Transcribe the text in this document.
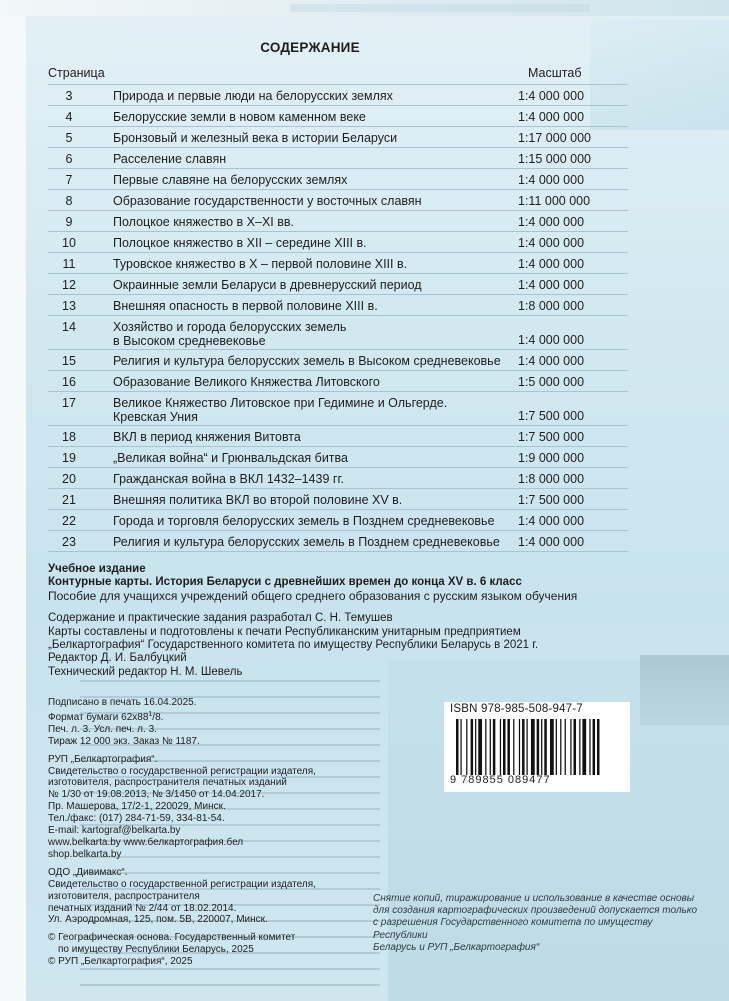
СОДЕРЖАНИЕ
Страница	Масштаб
3	Природа и первые люди на белорусских землях	1:4 000 000
4	Белорусские земли в новом каменном веке	1:4 000 000
5	Бронзовый и железный века в истории Беларуси	1:17 000 000
6	Расселение славян	1:15 000 000
7	Первые славяне на белорусских землях	1:4 000 000
8	Образование государственности у восточных славян	1:11 000 000
9	Полоцкое княжество в X–XI вв.	1:4 000 000
10	Полоцкое княжество в XII – середине XIII в.	1:4 000 000
11	Туровское княжество в X – первой половине XIII в.	1:4 000 000
12	Окраинные земли Беларуси в древнерусский период	1:4 000 000
13	Внешняя опасность в первой половине XIII в.	1:8 000 000
14	Хозяйство и города белорусских земель
в Высоком средневековье	1:4 000 000
15	Религия и культура белорусских земель в Высоком средневековье	1:4 000 000
16	Образование Великого Княжества Литовского	1:5 000 000
17	Великое Княжество Литовское при Гедимине и Ольгерде.
Кревская Уния	1:7 500 000
18	ВКЛ в период княжения Витовта	1:7 500 000
19	„Великая война“ и Грюнвальдская битва	1:9 000 000
20	Гражданская война в ВКЛ 1432–1439 гг.	1:8 000 000
21	Внешняя политика ВКЛ во второй половине XV в.	1:7 500 000
22	Города и торговля белорусских земель в Позднем средневековье	1:4 000 000
23	Религия и культура белорусских земель в Позднем средневековье	1:4 000 000
Учебное издание
Контурные карты. История Беларуси с древнейших времен до конца XV в. 6 класс
Пособие для учащихся учреждений общего среднего образования с русским языком обучения
Содержание и практические задания разработал С. Н. Темушев
Карты составлены и подготовлены к печати Республиканским унитарным предприятием
„Белкартография“ Государственного комитета по имуществу Республики Беларусь в 2021 г.
Редактор Д. И. Балбуцкий
Технический редактор Н. М. Шевель
Подписано в печать 16.04.2025.
Формат бумаги $62x88^1/8$.
Печ. л. 3. Усл. печ. л. 3.
Тираж 12 000 экз. Заказ № 1187.
РУП „Белкартография“.
Свидетельство о государственной регистрации издателя,
изготовителя, распространителя печатных изданий
№ 1/30 от 19.08.2013, № 3/1450 от 14.04.2017.
Пр. Машерова, 17/2-1, 220029, Минск.
Тел./факс: (017) 284-71-59, 334-81-54.
E-mail: kartograf@belkarta.by
www.belkarta.by www.белкартография.бел
shop.belkarta.by
ОДО „Дивимакс“.
Свидетельство о государственной регистрации издателя,
изготовителя, распространителя
печатных изданий № 2/44 от 18.02.2014.
Ул. Аэродромная, 125, пом. 5В, 220007, Минск.
© Географическая основа. Государственный комитет
по имуществу Республики Беларусь, 2025
© РУП „Белкартография“, 2025
ISBN 978-985-508-947-7
9 789855 089477
Снятие копий, тиражирование и использование в качестве основы
для создания картографических произведений допускается только
с разрешения Государственного комитета по имуществу Республики
Беларусь и РУП „Белкартография“
